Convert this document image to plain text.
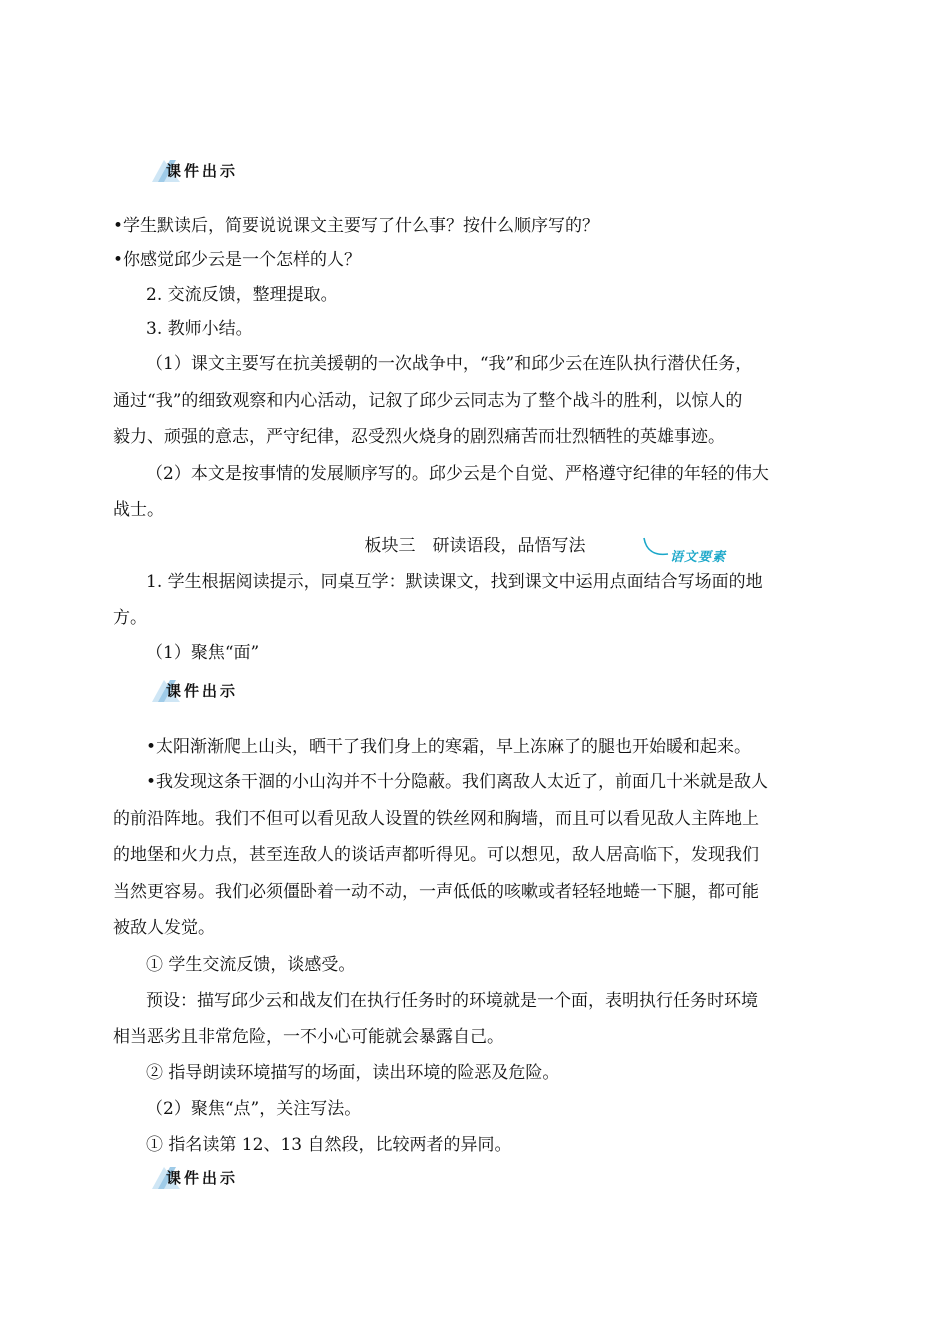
课件出示
•学生默读后，简要说说课文主要写了什么事？按什么顺序写的？
•你感觉邱少云是一个怎样的人？
2. 交流反馈，整理提取。
3. 教师小结。
（1）课文主要写在抗美援朝的一次战争中，“我”和邱少云在连队执行潜伏任务，
通过“我”的细致观察和内心活动，记叙了邱少云同志为了整个战斗的胜利，以惊人的
毅力、顽强的意志，严守纪律，忍受烈火烧身的剧烈痛苦而壮烈牺牲的英雄事迹。
（2）本文是按事情的发展顺序写的。邱少云是个自觉、严格遵守纪律的年轻的伟大
战士。
板块三　研读语段，品悟写法
语文要素
1. 学生根据阅读提示，同桌互学：默读课文，找到课文中运用点面结合写场面的地
方。
（1）聚焦“面”
课件出示
•太阳渐渐爬上山头，晒干了我们身上的寒霜，早上冻麻了的腿也开始暖和起来。
•我发现这条干涸的小山沟并不十分隐蔽。我们离敌人太近了，前面几十米就是敌人
的前沿阵地。我们不但可以看见敌人设置的铁丝网和胸墙，而且可以看见敌人主阵地上
的地堡和火力点，甚至连敌人的谈话声都听得见。可以想见，敌人居高临下，发现我们
当然更容易。我们必须僵卧着一动不动，一声低低的咳嗽或者轻轻地蜷一下腿，都可能
被敌人发觉。
① 学生交流反馈，谈感受。
预设：描写邱少云和战友们在执行任务时的环境就是一个面，表明执行任务时环境
相当恶劣且非常危险，一不小心可能就会暴露自己。
② 指导朗读环境描写的场面，读出环境的险恶及危险。
（2）聚焦“点”，关注写法。
① 指名读第 12、13 自然段，比较两者的异同。
课件出示
